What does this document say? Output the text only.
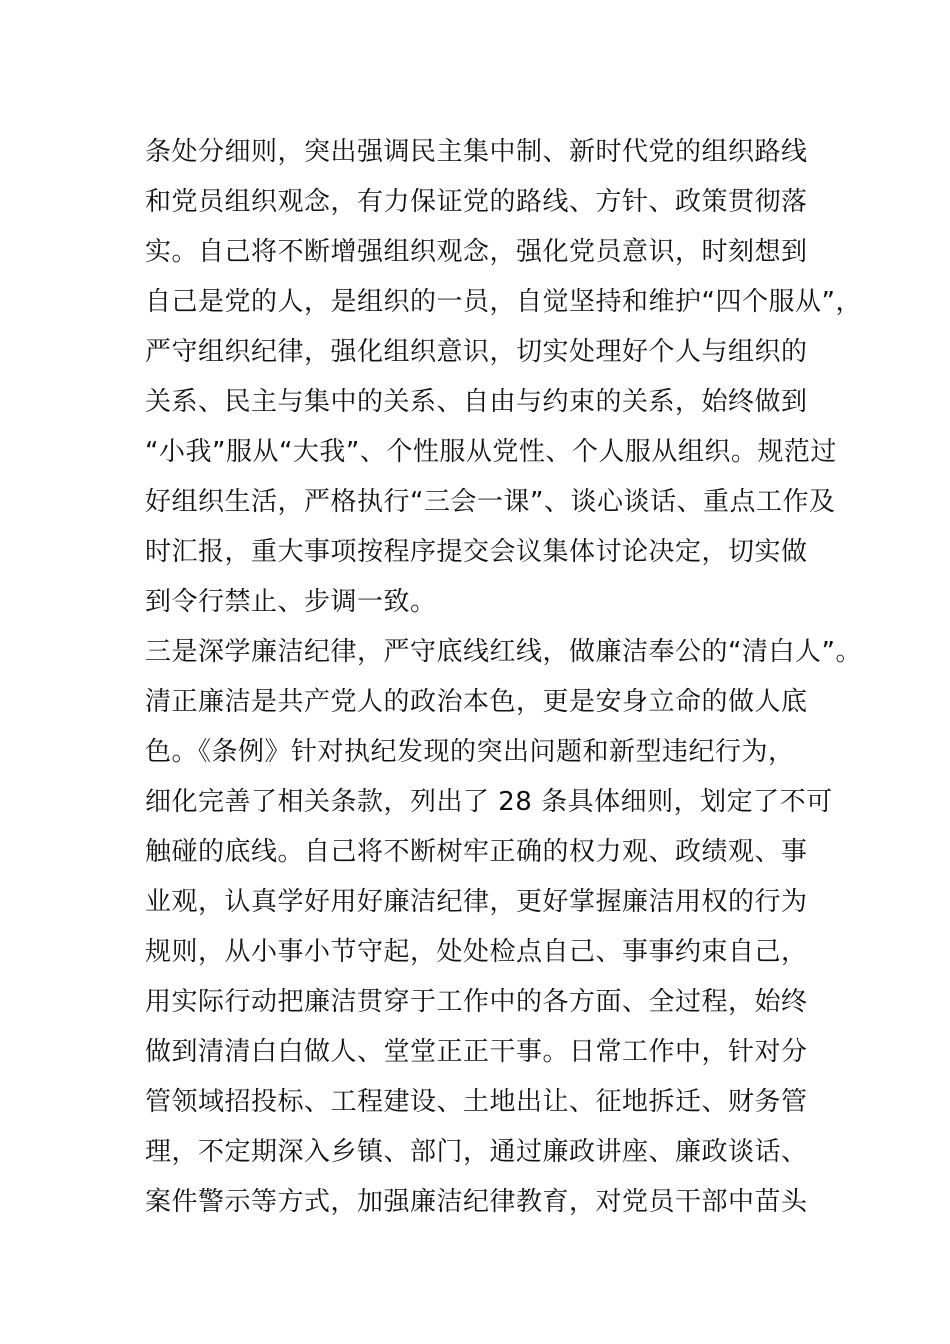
条处分细则，突出强调民主集中制、新时代党的组织路线
和党员组织观念，有力保证党的路线、方针、政策贯彻落
实。自己将不断增强组织观念，强化党员意识，时刻想到
自己是党的人，是组织的一员，自觉坚持和维护“四个服从”，
严守组织纪律，强化组织意识，切实处理好个人与组织的
关系、民主与集中的关系、自由与约束的关系，始终做到
“小我”服从“大我”、个性服从党性、个人服从组织。规范过
好组织生活，严格执行“三会一课”、谈心谈话、重点工作及
时汇报，重大事项按程序提交会议集体讨论决定，切实做
到令行禁止、步调一致。
三是深学廉洁纪律，严守底线红线，做廉洁奉公的“清白人”。
清正廉洁是共产党人的政治本色，更是安身立命的做人底
色。《条例》针对执纪发现的突出问题和新型违纪行为，
细化完善了相关条款，列出了 28 条具体细则，划定了不可
触碰的底线。自己将不断树牢正确的权力观、政绩观、事
业观，认真学好用好廉洁纪律，更好掌握廉洁用权的行为
规则，从小事小节守起，处处检点自己、事事约束自己，
用实际行动把廉洁贯穿于工作中的各方面、全过程，始终
做到清清白白做人、堂堂正正干事。日常工作中，针对分
管领域招投标、工程建设、土地出让、征地拆迁、财务管
理，不定期深入乡镇、部门，通过廉政讲座、廉政谈话、
案件警示等方式，加强廉洁纪律教育，对党员干部中苗头
